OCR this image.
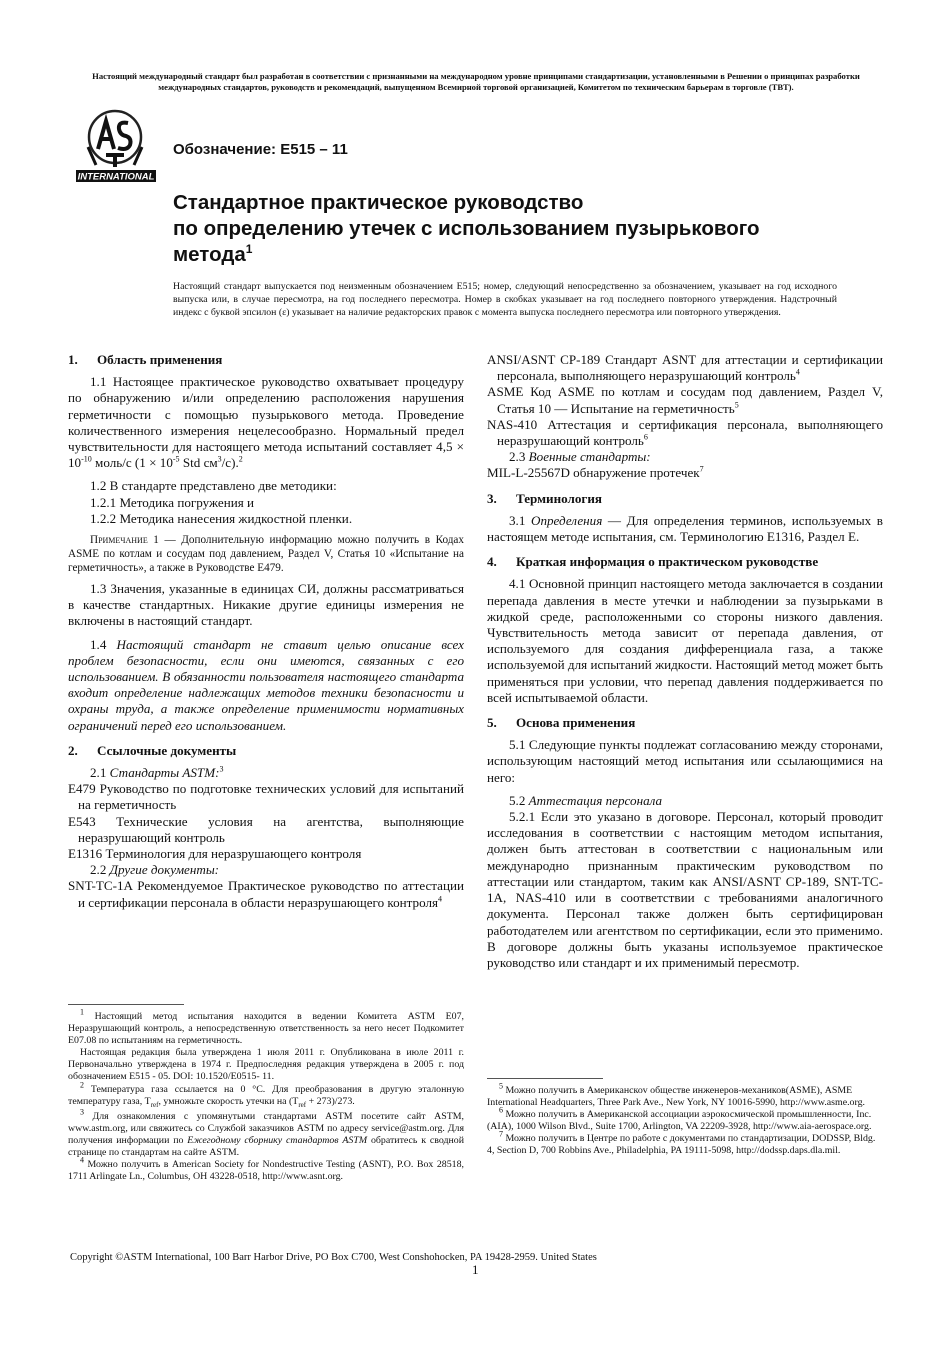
Настоящий международный стандарт был разработан в соответствии с признанными на международном уровне принципами стандартизации, установленными в Решении о принципах разработки международных стандартов, руководств и рекомендаций, выпущенном Всемирной торговой организацией, Комитетом по техническим барьерам в торговле (ТВТ).
INTERNATIONAL
ASTM	Обозначение: E515 – 11
Стандартное практическое руководство
по определению утечек с использованием пузырькового
метода$^1$
Настоящий стандарт выпускается под неизменным обозначением E515; номер, следующий непосредственно за обозначением, указывает на год исходного выпуска или, в случае пересмотра, на год последнего пересмотра. Номер в скобках указывает на год последнего повторного утверждения. Надстрочный индекс с буквой эпсилон (ε) указывает на наличие редакторских правок с момента выпуска последнего пересмотра или повторного утверждения.

1. Область применения

1.1 Настоящее практическое руководство охватывает процедуру по обнаружению и/или определению расположения нарушения герметичности с помощью пузырькового метода. Проведение количественного измерения нецелесообразно. Нормальный предел чувствительности для настоящего метода испытаний составляет $4,5 \times 10^{-10}$ моль/с ($1 \times 10^{-5}$ Std $см^3/с).^2$

1.2 В стандарте представлено две методики:

1.2.1 Методика погружения и

1.2.2 Методика нанесения жидкостной пленки.

Примечание 1 — Дополнительную информацию можно получить в Кодах ASME по котлам и сосудам под давлением, Раздел V, Статья 10 «Испытание на герметичность», а также в Руководстве E479.

1.3 Значения, указанные в единицах СИ, должны рассматриваться в качестве стандартных. Никакие другие единицы измерения не включены в настоящий стандарт.

1.4 Настоящий стандарт не ставит целью описание всех проблем безопасности, если они имеются, связанных с его использованием. В обязанности пользователя настоящего стандарта входит определение надлежащих методов техники безопасности и охраны труда, а также определение применимости нормативных ограничений перед его использованием.

2. Ссылочные документы

2.1 Стандарты ASTM:$^3$

E479 Руководство по подготовке технических условий для испытаний на герметичность

E543 Технические условия на агентства, выполняющие неразрушающий контроль

E1316 Терминология для неразрушающего контроля

2.2 Другие документы:

SNT-TC-1A Рекомендуемое Практическое руководство по аттестации и сертификации персонала в области неразрушающего контроля$^4$

ANSI/ASNT CP-189 Стандарт ASNT для аттестации и сертификации персонала, выполняющего неразрушающий контроль$^4$

ASME Код ASME по котлам и сосудам под давлением, Раздел V, Статья 10 — Испытание на герметичность$^5$

NAS-410 Аттестация и сертификация персонала, выполняющего неразрушающий контроль$^6$

2.3 Военные стандарты:

MIL-L-25567D обнаружение протечек$^7$

3. Терминология

3.1 Определения — Для определения терминов, используемых в настоящем методе испытания, см. Терминологию E1316, Раздел E.

4. Краткая информация о практическом руководстве

4.1 Основной принцип настоящего метода заключается в создании перепада давления в месте утечки и наблюдении за пузырьками в жидкой среде, расположенными со стороны низкого давления. Чувствительность метода зависит от перепада давления, от используемого для создания дифференциала газа, а также используемой для испытаний жидкости. Настоящий метод может быть применяться при условии, что перепад давления поддерживается по всей испытываемой области.

5. Основа применения

5.1 Следующие пункты подлежат согласованию между сторонами, использующим настоящий метод испытания или ссылающимися на него:

5.2 Аттестация персонала

5.2.1 Если это указано в договоре. Персонал, который проводит исследования в соответствии с настоящим методом испытания, должен быть аттестован в соответствии с национальным или международно признанным практическим руководством по аттестации или стандартом, таким как ANSI/ASNT CP-189, SNT-TC-1A, NAS-410 или в соответствии с требованиями аналогичного документа. Персонал также должен быть сертифицирован работодателем или агентством по сертификации, если это применимо. В договоре должны быть указаны используемое практическое руководство или стандарт и их применимый пересмотр.

$^1$ Настоящий метод испытания находится в ведении Комитета ASTM E07, Неразрушающий контроль, а непосредственную ответственность за него несет Подкомитет E07.08 по испытаниям на герметичность.

Настоящая редакция была утверждена 1 июля 2011 г. Опубликована в июле 2011 г. Первоначально утверждена в 1974 г. Предпоследняя редакция утверждена в 2005 г. под обозначением E515 - 05. DOI: 10.1520/E0515- 11.

$^2$ Температура газа ссылается на 0 °С. Для преобразования в другую эталонную температуру газа, $T_{ref}$, умножьте скорость утечки на $(T_{ref} + 273)/273$.

$^3$ Для ознакомления с упомянутыми стандартами ASTM посетите сайт ASTM, www.astm.org, или свяжитесь со Службой заказчиков ASTM по адресу service@astm.org. Для получения информации по Ежегодному сборнику стандартов ASTM обратитесь к сводной странице по стандартам на сайте ASTM.

$^4$ Можно получить в American Society for Nondestructive Testing (ASNT), P.O. Box 28518, 1711 Arlingate Ln., Columbus, OH 43228-0518, http://www.asnt.org.

$^5$ Можно получить в Американскоv обществе инженеров-механиков(ASME), ASME International Headquarters, Three Park Ave., New York, NY 10016-5990, http://www.asme.org.

$^6$ Можно получить в Американской ассоциации аэрокосмической промышленности, Inc. (AIA), 1000 Wilson Blvd., Suite 1700, Arlington, VA 22209-3928, http://www.aia-aerospace.org.

$^7$ Можно получить в Центре по работе с документами по стандартизации, DODSSP, Bldg. 4, Section D, 700 Robbins Ave., Philadelphia, PA 19111-5098, http://dodssp.daps.dla.mil.

Copyright ©ASTM International, 100 Barr Harbor Drive, PO Box C700, West Conshohocken, PA 19428-2959. United States
1
